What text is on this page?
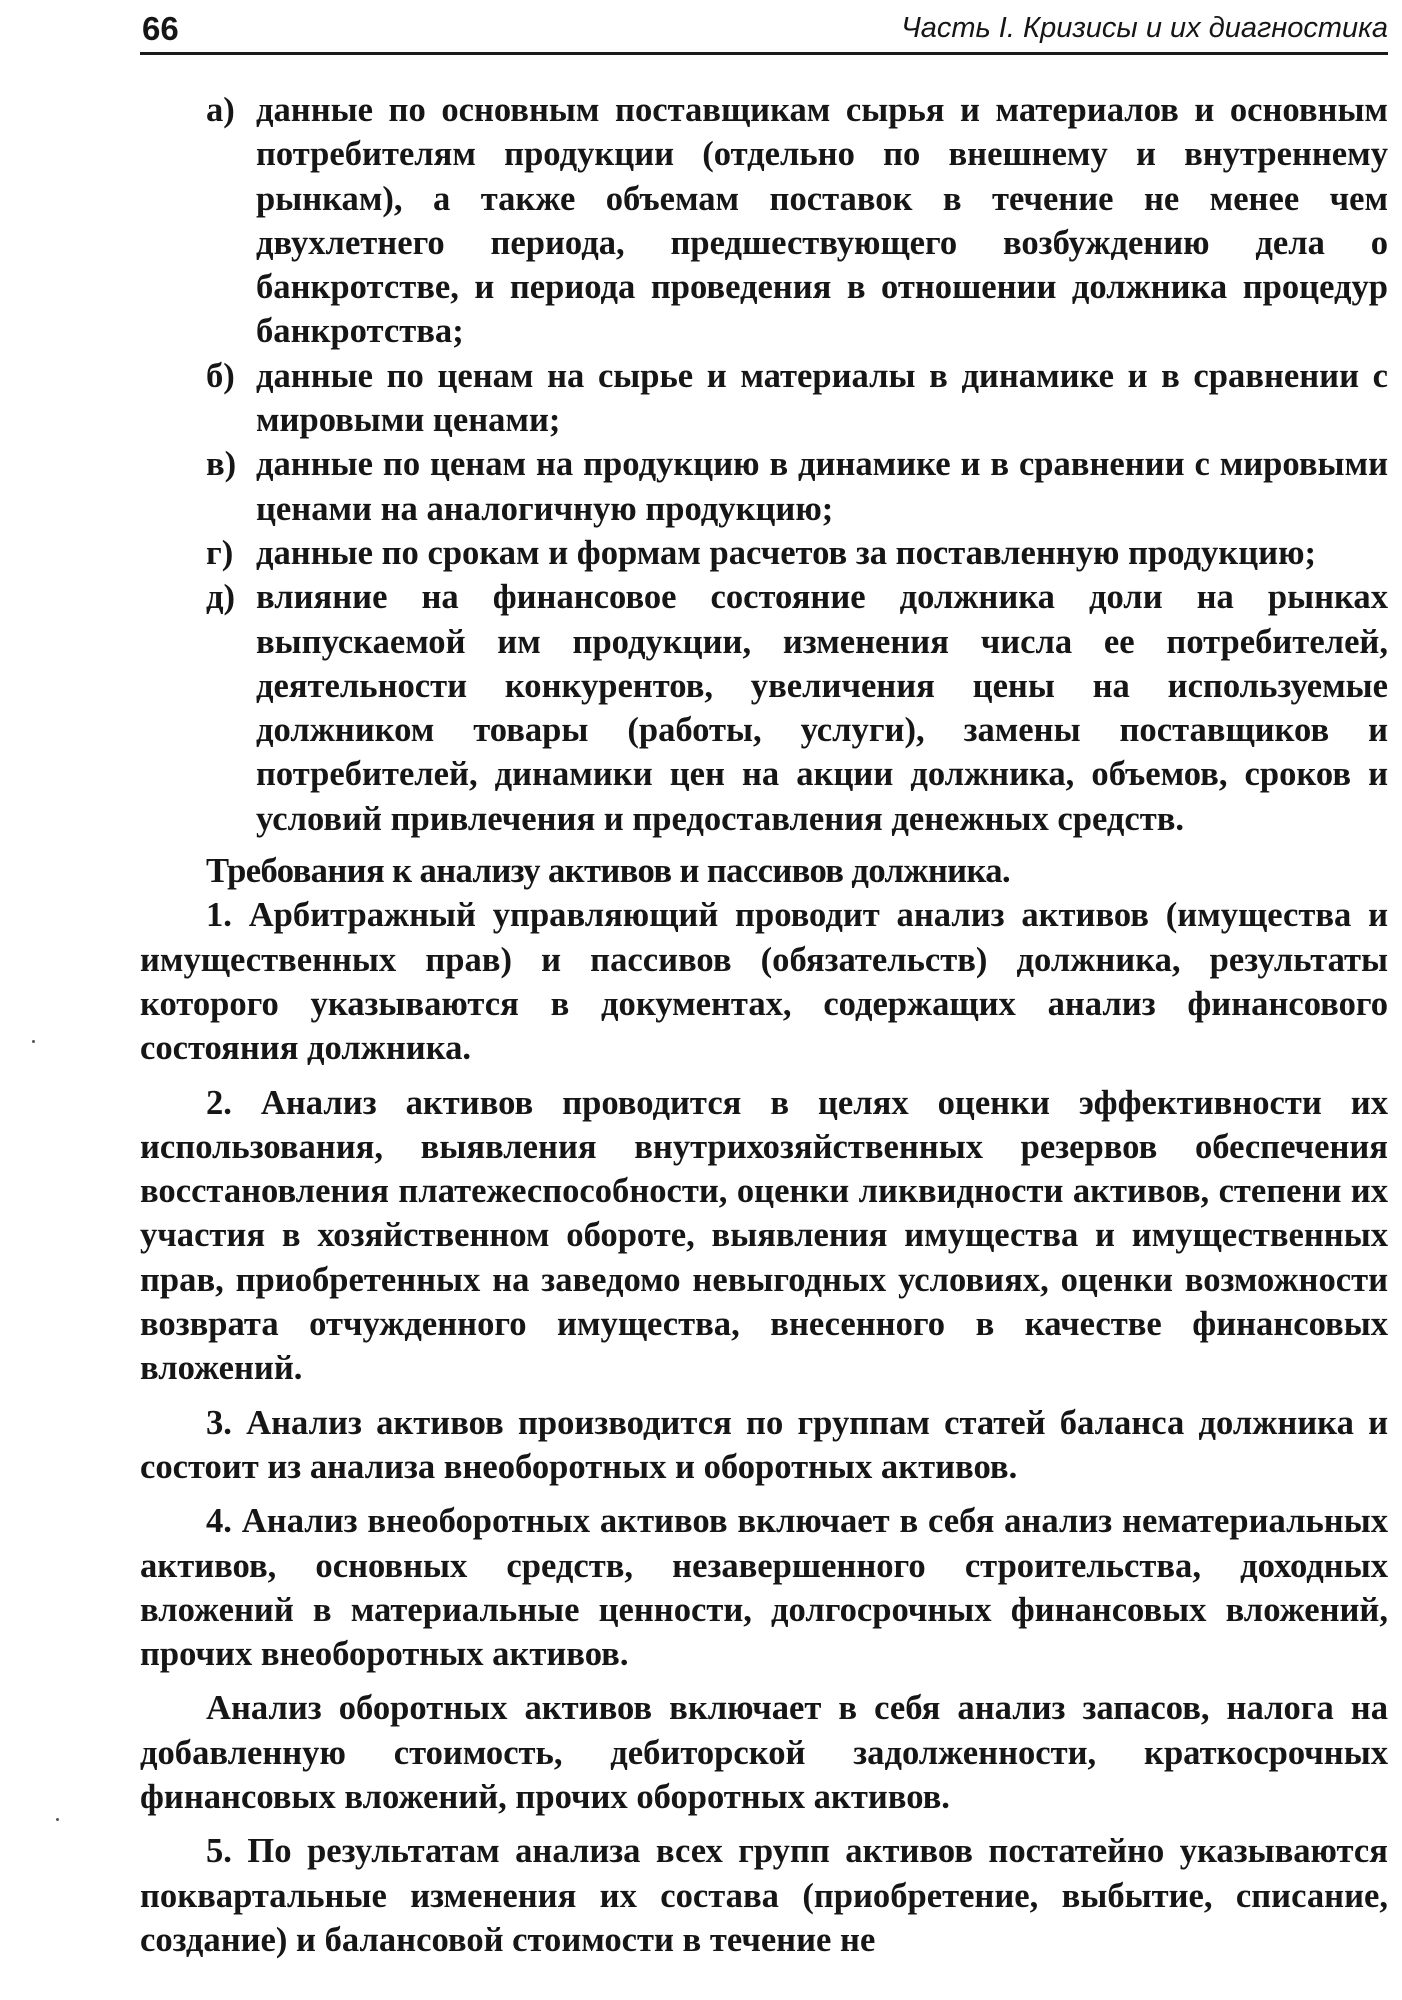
66	Часть I. Кризисы и их диагностика
а) данные по основным поставщикам сырья и материалов и основным потребителям продукции (отдельно по внешнему и внутреннему рынкам), а также объемам поставок в течение не менее чем двухлетнего периода, предшествующего возбуждению дела о банкротстве, и периода проведения в отношении должника процедур банкротства;
б) данные по ценам на сырье и материалы в динамике и в сравнении с мировыми ценами;
в) данные по ценам на продукцию в динамике и в сравнении с мировыми ценами на аналогичную продукцию;
г) данные по срокам и формам расчетов за поставленную продукцию;
д) влияние на финансовое состояние должника доли на рынках выпускаемой им продукции, изменения числа ее потребителей, деятельности конкурентов, увеличения цены на используемые должником товары (работы, услуги), замены поставщиков и потребителей, динамики цен на акции должника, объемов, сроков и условий привлечения и предоставления денежных средств.
Требования к анализу активов и пассивов должника.
1. Арбитражный управляющий проводит анализ активов (имущества и имущественных прав) и пассивов (обязательств) должника, результаты которого указываются в документах, содержащих анализ финансового состояния должника.
2. Анализ активов проводится в целях оценки эффективности их использования, выявления внутрихозяйственных резервов обеспечения восстановления платежеспособности, оценки ликвидности активов, степени их участия в хозяйственном обороте, выявления имущества и имущественных прав, приобретенных на заведомо невыгодных условиях, оценки возможности возврата отчужденного имущества, внесенного в качестве финансовых вложений.
3. Анализ активов производится по группам статей баланса должника и состоит из анализа внеоборотных и оборотных активов.
4. Анализ внеоборотных активов включает в себя анализ нематериальных активов, основных средств, незавершенного строительства, доходных вложений в материальные ценности, долгосрочных финансовых вложений, прочих внеоборотных активов.
Анализ оборотных активов включает в себя анализ запасов, налога на добавленную стоимость, дебиторской задолженности, краткосрочных финансовых вложений, прочих оборотных активов.
5. По результатам анализа всех групп активов постатейно указываются поквартальные изменения их состава (приобретение, выбытие, списание, создание) и балансовой стоимости в течение не
